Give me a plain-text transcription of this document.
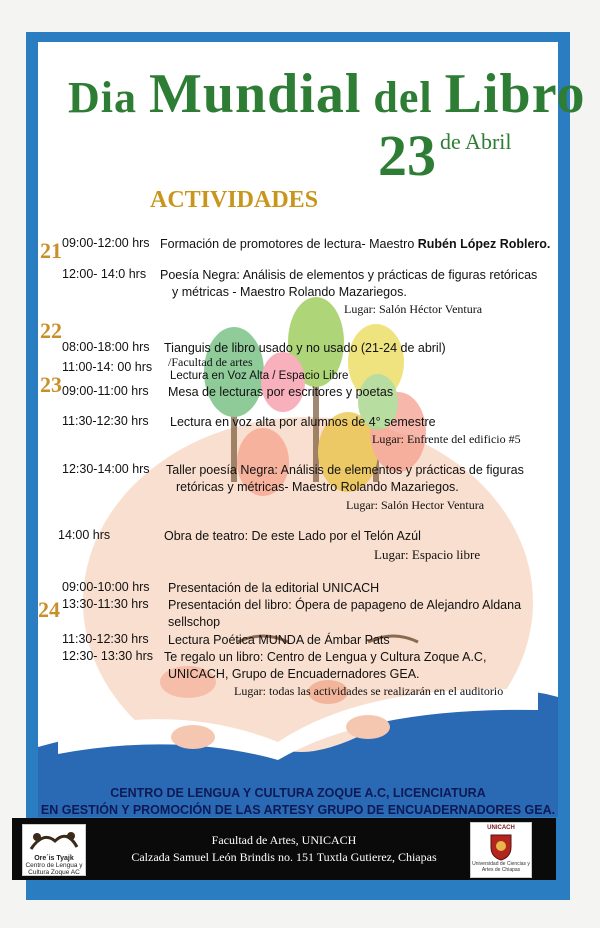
Dia Mundial del Libro
23 de Abril
ACTIVIDADES
21
22
23
24
09:00-12:00 hrs Formación de promotores de lectura- Maestro Rubén López Roblero.
12:00- 14:0 hrs Poesía Negra: Análisis de elementos y prácticas de figuras retóricas
y métricas - Maestro Rolando Mazariegos.
Lugar: Salón Héctor Ventura
08:00-18:00 hrs Tianguis de libro usado y no usado (21-24 de abril)
11:00-14: 00 hrs /Facultad de artes
Lectura en Voz Alta / Espacio Libre
09:00-11:00 hrs Mesa de lecturas por escritores y poetas
11:30-12:30 hrs Lectura en voz alta por alumnos de 4° semestre
Lugar: Enfrente del edificio #5
12:30-14:00 hrs Taller poesía Negra: Análisis de elementos y prácticas de figuras
retóricas y métricas- Maestro Rolando Mazariegos.
Lugar: Salón Hector Ventura
14:00 hrs	Obra de teatro: De este Lado por el Telón Azúl
Lugar: Espacio libre
09:00-10:00 hrs Presentación de la editorial UNICACH
13:30-11:30 hrs Presentación del libro: Ópera de papageno de Alejandro Aldana
sellschop
11:30-12:30 hrs Lectura Poética MUNDA de Ámbar Pats
12:30- 13:30 hrs Te regalo un libro: Centro de Lengua y Cultura Zoque A.C,
UNICACH, Grupo de Encuadernadores GEA.
Lugar: todas las actividades se realizarán en el auditorio
CENTRO DE LENGUA Y CULTURA ZOQUE A.C, LICENCIATURA
EN GESTIÓN Y PROMOCIÓN DE LAS ARTESY GRUPO DE ENCUADERNADORES GEA.
Ore´is Tyajk
Centro de Lengua y Cultura Zoque AC
Facultad de Artes, UNICACH
Calzada Samuel León Brindis no. 151 Tuxtla Gutierez, Chiapas
UNICACH
Universidad de Ciencias y Artes de Chiapas
